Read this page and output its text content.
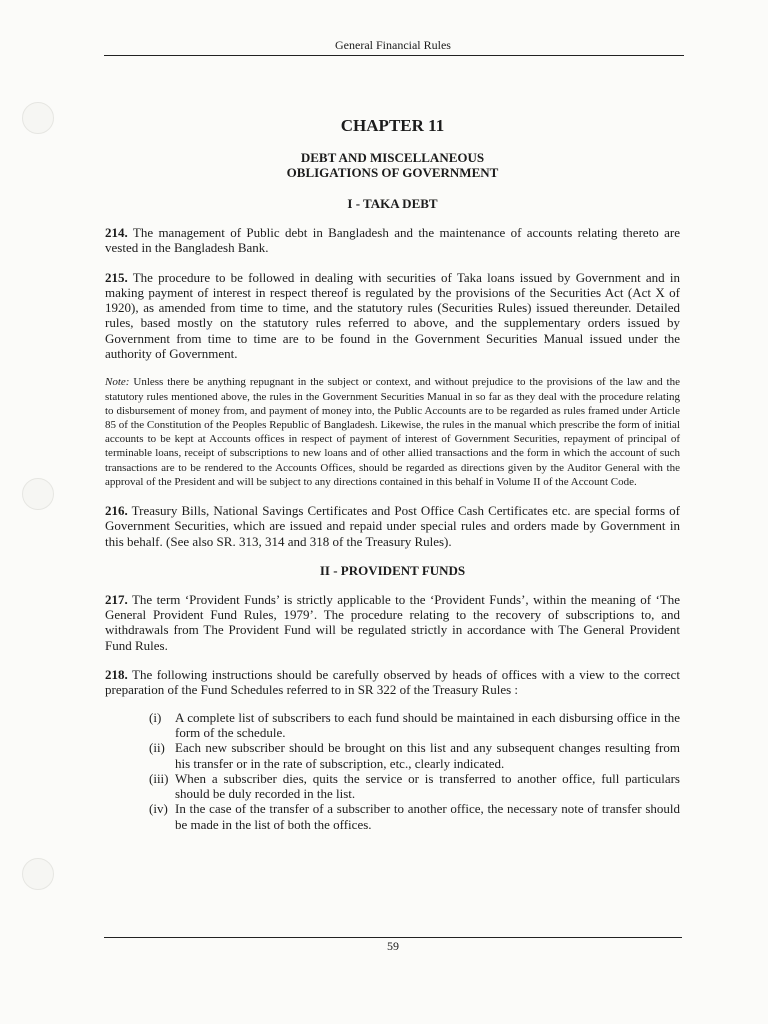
General Financial Rules
CHAPTER 11
DEBT AND MISCELLANEOUS
OBLIGATIONS OF GOVERNMENT
I - TAKA DEBT

214. The management of Public debt in Bangladesh and the maintenance of accounts relating thereto are vested in the Bangladesh Bank.

215. The procedure to be followed in dealing with securities of Taka loans issued by Government and in making payment of interest in respect thereof is regulated by the provisions of the Securities Act (Act X of 1920), as amended from time to time, and the statutory rules (Securities Rules) issued thereunder. Detailed rules, based mostly on the statutory rules referred to above, and the supplementary orders issued by Government from time to time are to be found in the Government Securities Manual issued under the authority of Government.

Note: Unless there be anything repugnant in the subject or context, and without prejudice to the provisions of the law and the statutory rules mentioned above, the rules in the Government Securities Manual in so far as they deal with the procedure relating to disbursement of money from, and payment of money into, the Public Accounts are to be regarded as rules framed under Article 85 of the Constitution of the Peoples Republic of Bangladesh. Likewise, the rules in the manual which prescribe the form of initial accounts to be kept at Accounts offices in respect of payment of interest of Government Securities, repayment of principal of terminable loans, receipt of subscriptions to new loans and of other allied transactions and the form in which the account of such transactions are to be rendered to the Accounts Offices, should be regarded as directions given by the Auditor General with the approval of the President and will be subject to any directions contained in this behalf in Volume II of the Account Code.

216. Treasury Bills, National Savings Certificates and Post Office Cash Certificates etc. are special forms of Government Securities, which are issued and repaid under special rules and orders made by Government in this behalf. (See also SR. 313, 314 and 318 of the Treasury Rules).

II - PROVIDENT FUNDS

217. The term ‘Provident Funds’ is strictly applicable to the ‘Provident Funds’, within the meaning of ‘The General Provident Fund Rules, 1979’. The procedure relating to the recovery of subscriptions to, and withdrawals from The Provident Fund will be regulated strictly in accordance with The General Provident Fund Rules.

218. The following instructions should be carefully observed by heads of offices with a view to the correct preparation of the Fund Schedules referred to in SR 322 of the Treasury Rules :

(i)	A complete list of subscribers to each fund should be maintained in each disbursing office in the form of the schedule.
(ii) Each new subscriber should be brought on this list and any subsequent changes resulting from his transfer or in the rate of subscription, etc., clearly indicated.
(iii) When a subscriber dies, quits the service or is transferred to another office, full particulars should be duly recorded in the list.
(iv) In the case of the transfer of a subscriber to another office, the necessary note of transfer should be made in the list of both the offices.
59
